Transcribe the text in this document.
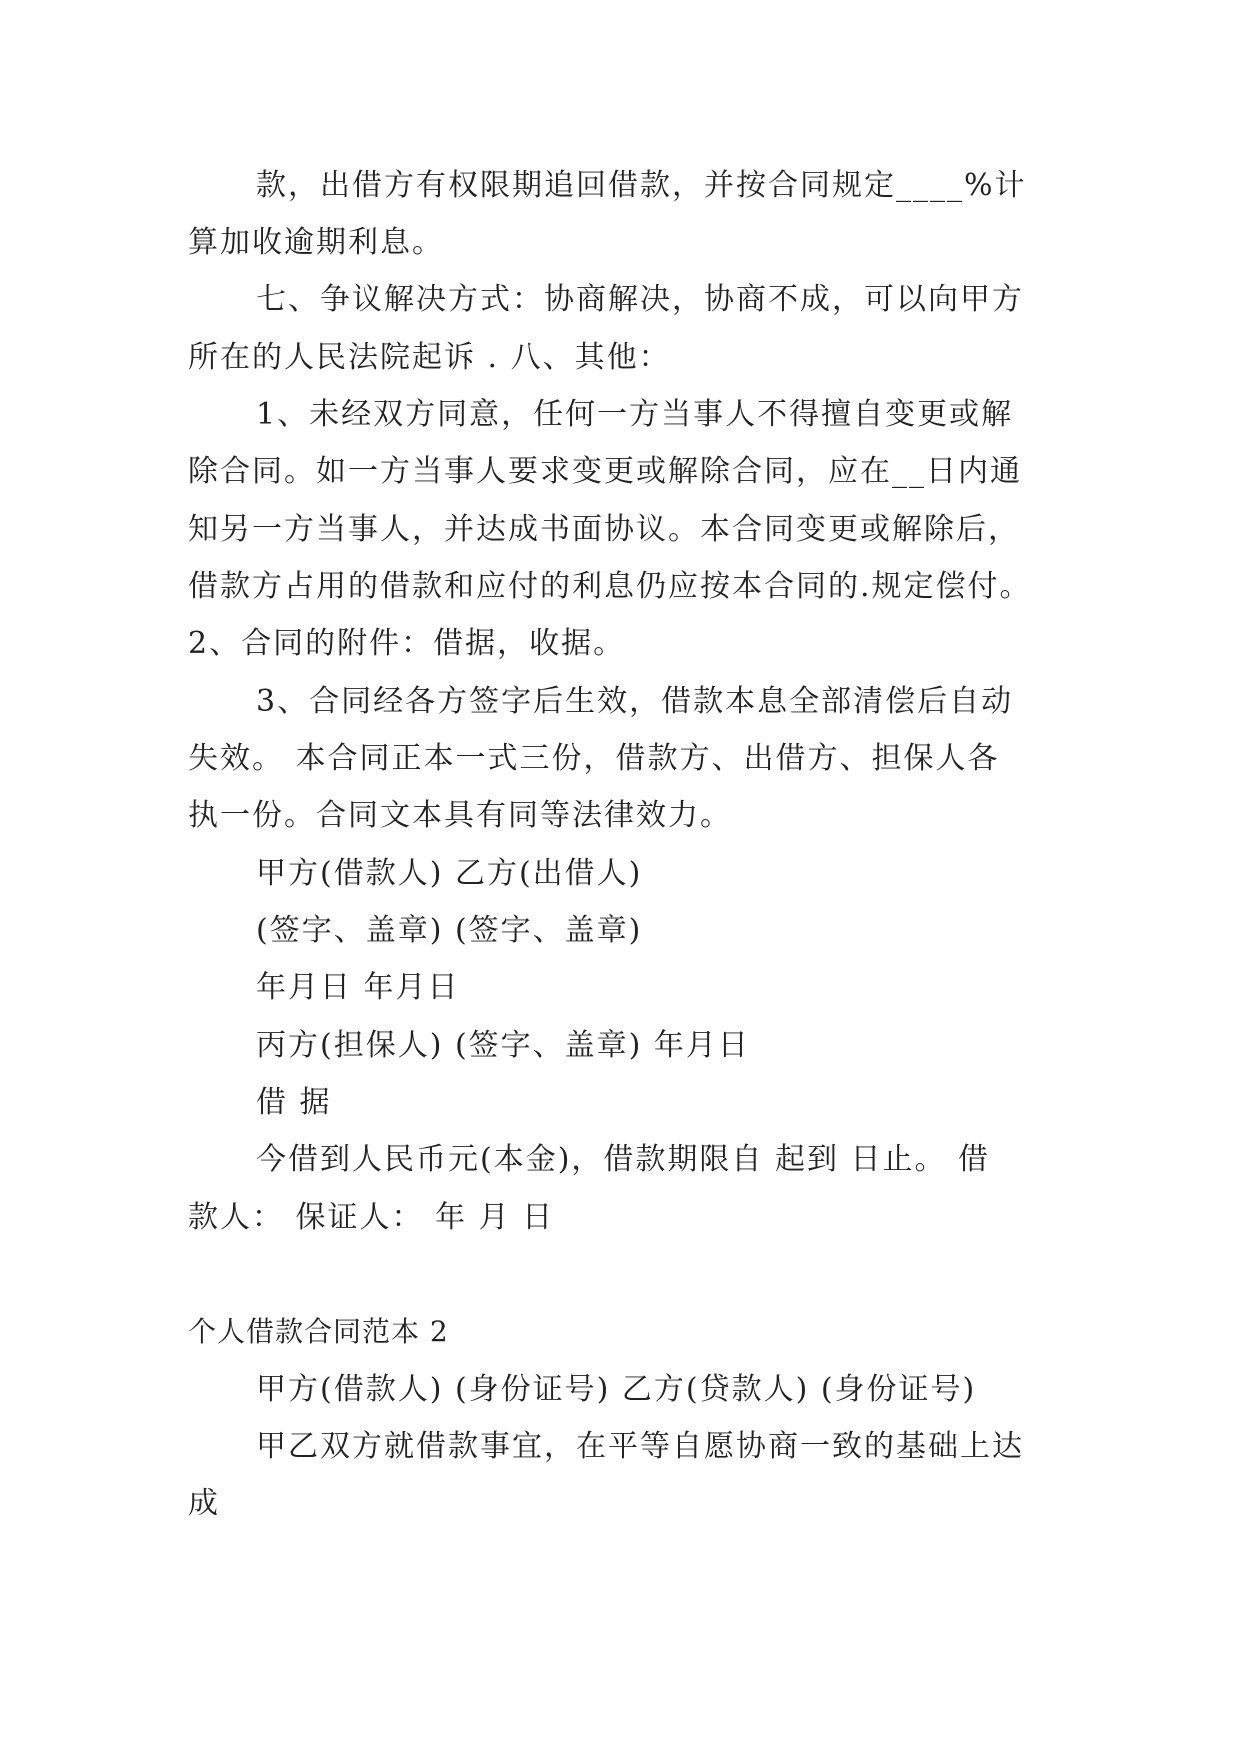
款，出借方有权限期追回借款，并按合同规定____%计
算加收逾期利息。
七、争议解决方式：协商解决，协商不成，可以向甲方
所在的人民法院起诉 . 八、其他：
1、未经双方同意，任何一方当事人不得擅自变更或解
除合同。如一方当事人要求变更或解除合同，应在__日内通
知另一方当事人，并达成书面协议。本合同变更或解除后，
借款方占用的借款和应付的利息仍应按本合同的.规定偿付。
2、合同的附件：借据，收据。
3、合同经各方签字后生效，借款本息全部清偿后自动
失效。 本合同正本一式三份，借款方、出借方、担保人各
执一份。合同文本具有同等法律效力。
甲方(借款人) 乙方(出借人)
(签字、盖章) (签字、盖章)
年月日 年月日
丙方(担保人) (签字、盖章) 年月日
借 据
今借到人民币元(本金)，借款期限自 起到 日止。 借
款人： 保证人： 年 月 日
个人借款合同范本 2
甲方(借款人) (身份证号) 乙方(贷款人) (身份证号)
甲乙双方就借款事宜，在平等自愿协商一致的基础上达
成
